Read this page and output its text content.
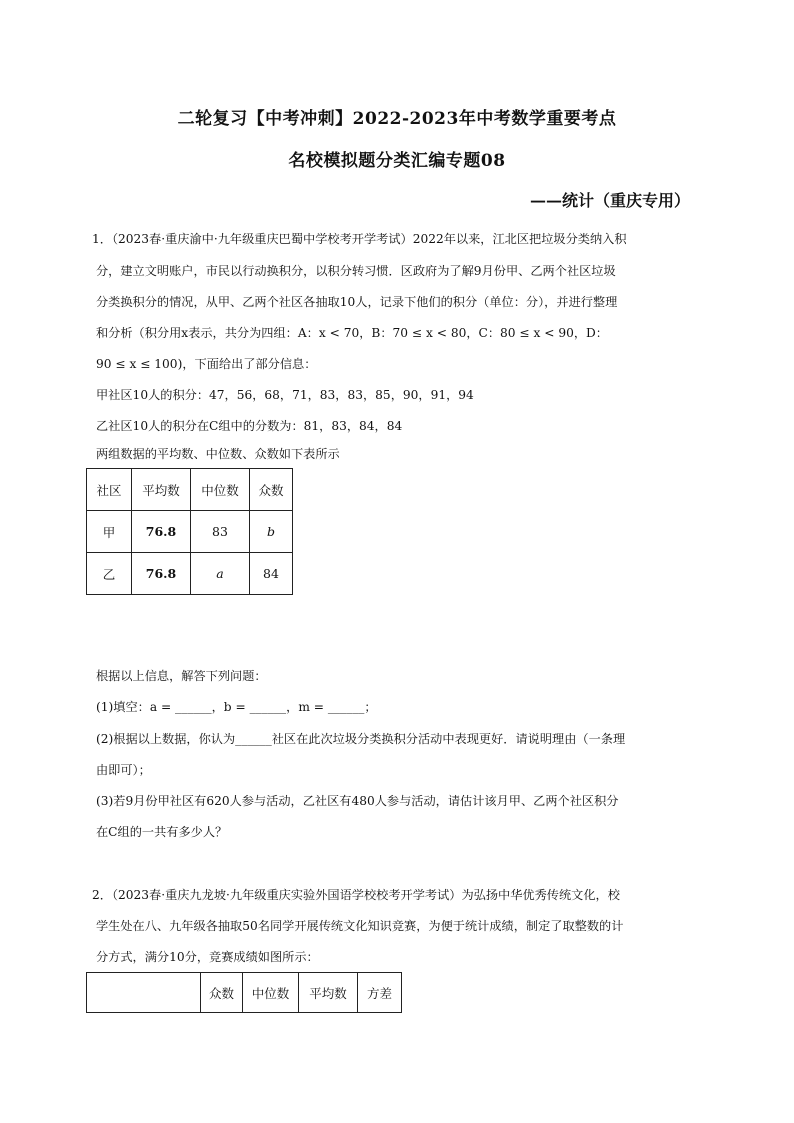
二轮复习【中考冲刺】2022-2023年中考数学重要考点
名校模拟题分类汇编专题08
——统计（重庆专用）
1．（2023春·重庆渝中·九年级重庆巴蜀中学校考开学考试）2022年以来，江北区把垃圾分类纳入积
分，建立文明账户，市民以行动换积分，以积分转习惯．区政府为了解9月份甲、乙两个社区垃圾
分类换积分的情况，从甲、乙两个社区各抽取10人，记录下他们的积分（单位：分），并进行整理
和分析（积分用x表示，共分为四组：A：x < 70，B：70 ≤ x < 80，C：80 ≤ x < 90，D：
90 ≤ x ≤ 100)，下面给出了部分信息：
甲社区10人的积分：47，56，68，71，83，83，85，90，91，94
乙社区10人的积分在C组中的分数为：81，83，84，84
两组数据的平均数、中位数、众数如下表所示
社区	平均数	中位数	众数
甲	76.8	83	b
乙	76.8	a	84
根据以上信息，解答下列问题：
(1)填空：a = ______，b = ______，m = ______；
(2)根据以上数据，你认为______社区在此次垃圾分类换积分活动中表现更好．请说明理由（一条理
由即可）；
(3)若9月份甲社区有620人参与活动，乙社区有480人参与活动，请估计该月甲、乙两个社区积分
在C组的一共有多少人？
2．（2023春·重庆九龙坡·九年级重庆实验外国语学校校考开学考试）为弘扬中华优秀传统文化，校
学生处在八、九年级各抽取50名同学开展传统文化知识竞赛，为便于统计成绩，制定了取整数的计
分方式，满分10分，竞赛成绩如图所示：
	众数	中位数	平均数	方差
